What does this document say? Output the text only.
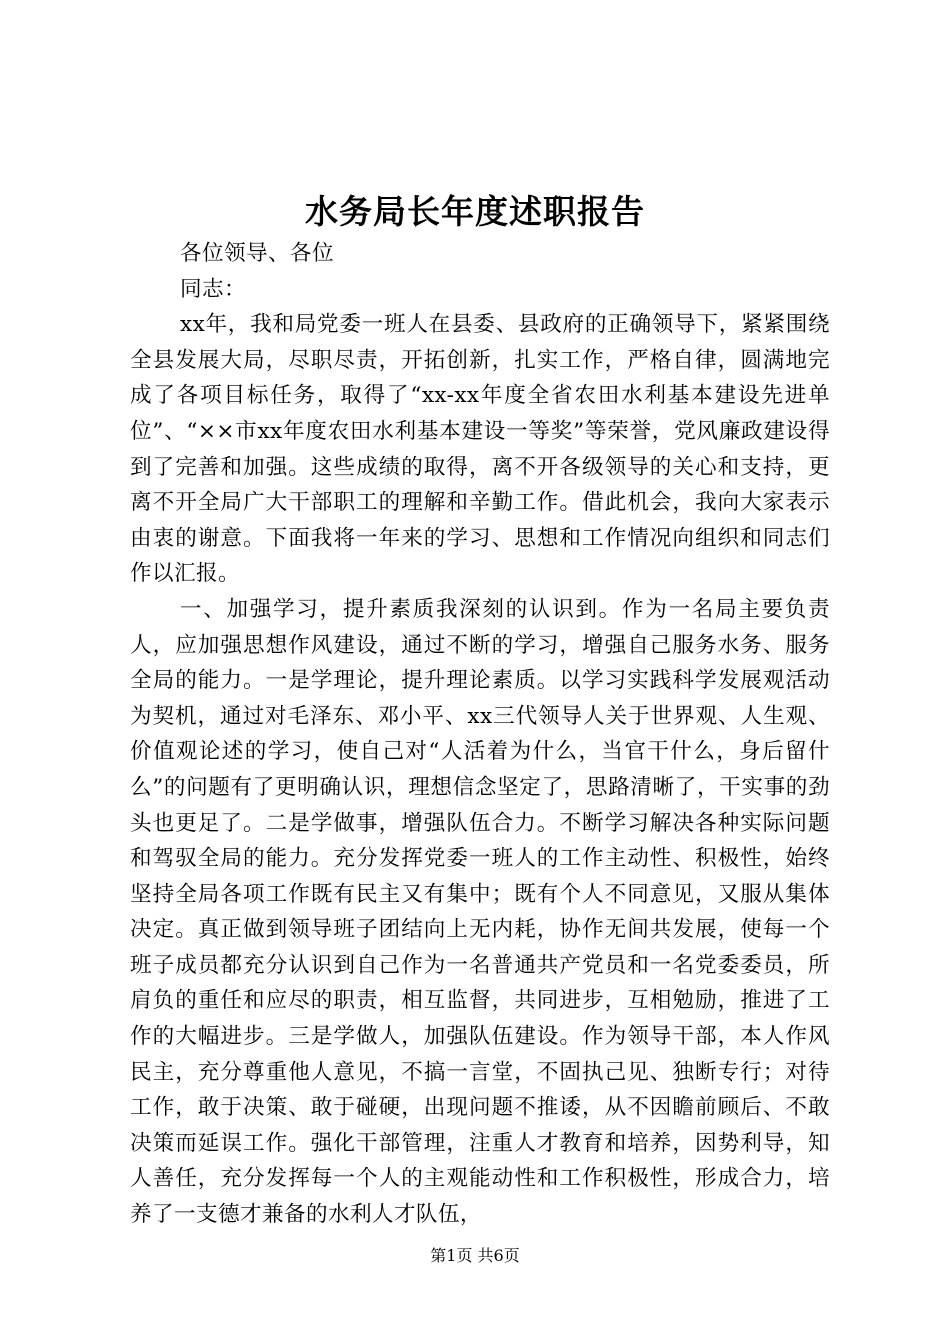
水务局长年度述职报告

各位领导、各位

同志：

xx年，我和局党委一班人在县委、县政府的正确领导下，紧紧围绕全县发展大局，尽职尽责，开拓创新，扎实工作，严格自律，圆满地完成了各项目标任务，取得了“xx-xx年度全省农田水利基本建设先进单位”、“××市xx年度农田水利基本建设一等奖”等荣誉，党风廉政建设得到了完善和加强。这些成绩的取得，离不开各级领导的关心和支持，更离不开全局广大干部职工的理解和辛勤工作。借此机会，我向大家表示由衷的谢意。下面我将一年来的学习、思想和工作情况向组织和同志们作以汇报。

一、加强学习，提升素质我深刻的认识到。作为一名局主要负责人，应加强思想作风建设，通过不断的学习，增强自己服务水务、服务全局的能力。一是学理论，提升理论素质。以学习实践科学发展观活动为契机，通过对毛泽东、邓小平、xx三代领导人关于世界观、人生观、价值观论述的学习，使自己对“人活着为什么，当官干什么，身后留什么”的问题有了更明确认识，理想信念坚定了，思路清晰了，干实事的劲头也更足了。二是学做事，增强队伍合力。不断学习解决各种实际问题和驾驭全局的能力。充分发挥党委一班人的工作主动性、积极性，始终坚持全局各项工作既有民主又有集中；既有个人不同意见，又服从集体决定。真正做到领导班子团结向上无内耗，协作无间共发展，使每一个班子成员都充分认识到自己作为一名普通共产党员和一名党委委员，所肩负的重任和应尽的职责，相互监督，共同进步，互相勉励，推进了工作的大幅进步。三是学做人，加强队伍建设。作为领导干部，本人作风民主，充分尊重他人意见，不搞一言堂，不固执己见、独断专行；对待工作，敢于决策、敢于碰硬，出现问题不推诿，从不因瞻前顾后、不敢决策而延误工作。强化干部管理，注重人才教育和培养，因势利导，知人善任，充分发挥每一个人的主观能动性和工作积极性，形成合力，培养了一支德才兼备的水利人才队伍，

第1页 共6页
